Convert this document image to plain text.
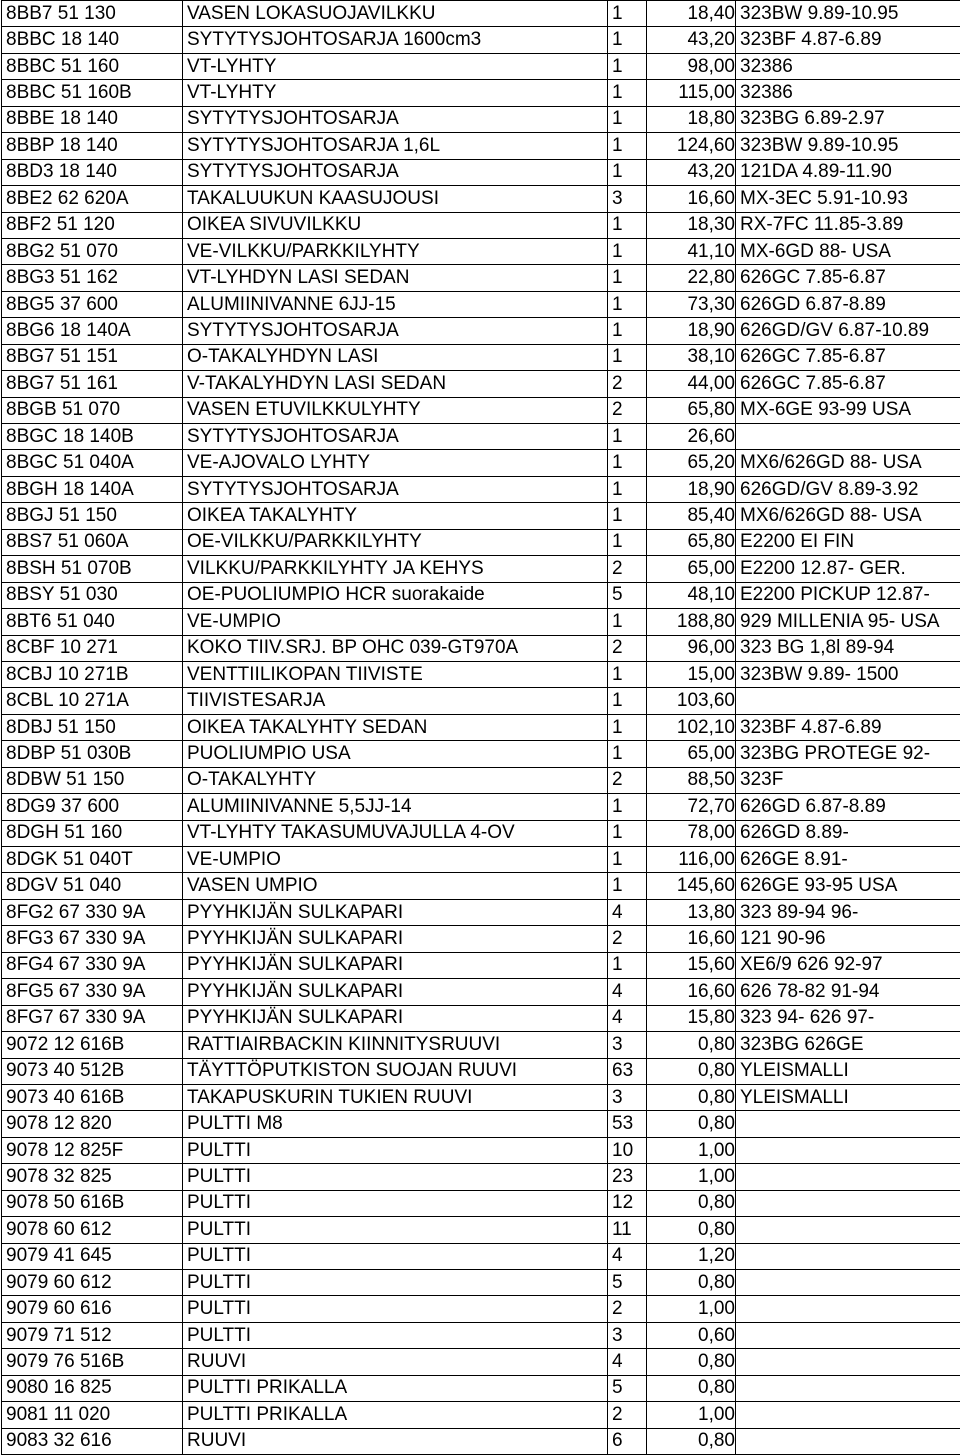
8BB7 51 130	VASEN LOKASUOJAVILKKU	1	18,40	323BW 9.89-10.95
8BBC 18 140	SYTYTYSJOHTOSARJA 1600cm3	1	43,20	323BF 4.87-6.89
8BBC 51 160	VT-LYHTY	1	98,00	32386
8BBC 51 160B	VT-LYHTY	1	115,00	32386
8BBE 18 140	SYTYTYSJOHTOSARJA	1	18,80	323BG 6.89-2.97
8BBP 18 140	SYTYTYSJOHTOSARJA 1,6L	1	124,60	323BW 9.89-10.95
8BD3 18 140	SYTYTYSJOHTOSARJA	1	43,20	121DA 4.89-11.90
8BE2 62 620A	TAKALUUKUN KAASUJOUSI	3	16,60	MX-3EC 5.91-10.93
8BF2 51 120	OIKEA SIVUVILKKU	1	18,30	RX-7FC 11.85-3.89
8BG2 51 070	VE-VILKKU/PARKKILYHTY	1	41,10	MX-6GD 88- USA
8BG3 51 162	VT-LYHDYN LASI SEDAN	1	22,80	626GC 7.85-6.87
8BG5 37 600	ALUMIINIVANNE 6JJ-15	1	73,30	626GD 6.87-8.89
8BG6 18 140A	SYTYTYSJOHTOSARJA	1	18,90	626GD/GV 6.87-10.89
8BG7 51 151	O-TAKALYHDYN LASI	1	38,10	626GC 7.85-6.87
8BG7 51 161	V-TAKALYHDYN LASI SEDAN	2	44,00	626GC 7.85-6.87
8BGB 51 070	VASEN ETUVILKKULYHTY	2	65,80	MX-6GE 93-99 USA
8BGC 18 140B	SYTYTYSJOHTOSARJA	1	26,60	
8BGC 51 040A	VE-AJOVALO LYHTY	1	65,20	MX6/626GD 88- USA
8BGH 18 140A	SYTYTYSJOHTOSARJA	1	18,90	626GD/GV 8.89-3.92
8BGJ 51 150	OIKEA TAKALYHTY	1	85,40	MX6/626GD 88- USA
8BS7 51 060A	OE-VILKKU/PARKKILYHTY	1	65,80	E2200 EI FIN
8BSH 51 070B	VILKKU/PARKKILYHTY JA KEHYS	2	65,00	E2200 12.87- GER.
8BSY 51 030	OE-PUOLIUMPIO HCR suorakaide	5	48,10	E2200 PICKUP 12.87-
8BT6 51 040	VE-UMPIO	1	188,80	929 MILLENIA 95- USA
8CBF 10 271	KOKO TIIV.SRJ. BP OHC 039-GT970A	2	96,00	323 BG 1,8l 89-94
8CBJ 10 271B	VENTTIILIKOPAN TIIVISTE	1	15,00	323BW 9.89- 1500
8CBL 10 271A	TIIVISTESARJA	1	103,60	
8DBJ 51 150	OIKEA TAKALYHTY SEDAN	1	102,10	323BF 4.87-6.89
8DBP 51 030B	PUOLIUMPIO USA	1	65,00	323BG PROTEGE 92-
8DBW 51 150	O-TAKALYHTY	2	88,50	323F
8DG9 37 600	ALUMIINIVANNE 5,5JJ-14	1	72,70	626GD 6.87-8.89
8DGH 51 160	VT-LYHTY TAKASUMUVAJULLA 4-OV	1	78,00	626GD 8.89-
8DGK 51 040T	VE-UMPIO	1	116,00	626GE 8.91-
8DGV 51 040	VASEN UMPIO	1	145,60	626GE 93-95 USA
8FG2 67 330 9A	PYYHKIJÄN SULKAPARI	4	13,80	323 89-94 96-
8FG3 67 330 9A	PYYHKIJÄN SULKAPARI	2	16,60	121 90-96
8FG4 67 330 9A	PYYHKIJÄN SULKAPARI	1	15,60	XE6/9 626 92-97
8FG5 67 330 9A	PYYHKIJÄN SULKAPARI	4	16,60	626 78-82 91-94
8FG7 67 330 9A	PYYHKIJÄN SULKAPARI	4	15,80	323 94- 626 97-
9072 12 616B	RATTIAIRBACKIN KIINNITYSRUUVI	3	0,80	323BG 626GE
9073 40 512B	TÄYTTÖPUTKISTON SUOJAN RUUVI	63	0,80	YLEISMALLI
9073 40 616B	TAKAPUSKURIN TUKIEN RUUVI	3	0,80	YLEISMALLI
9078 12 820	PULTTI M8	53	0,80	
9078 12 825F	PULTTI	10	1,00	
9078 32 825	PULTTI	23	1,00	
9078 50 616B	PULTTI	12	0,80	
9078 60 612	PULTTI	11	0,80	
9079 41 645	PULTTI	4	1,20	
9079 60 612	PULTTI	5	0,80	
9079 60 616	PULTTI	2	1,00	
9079 71 512	PULTTI	3	0,60	
9079 76 516B	RUUVI	4	0,80	
9080 16 825	PULTTI PRIKALLA	5	0,80	
9081 11 020	PULTTI PRIKALLA	2	1,00	
9083 32 616	RUUVI	6	0,80	
